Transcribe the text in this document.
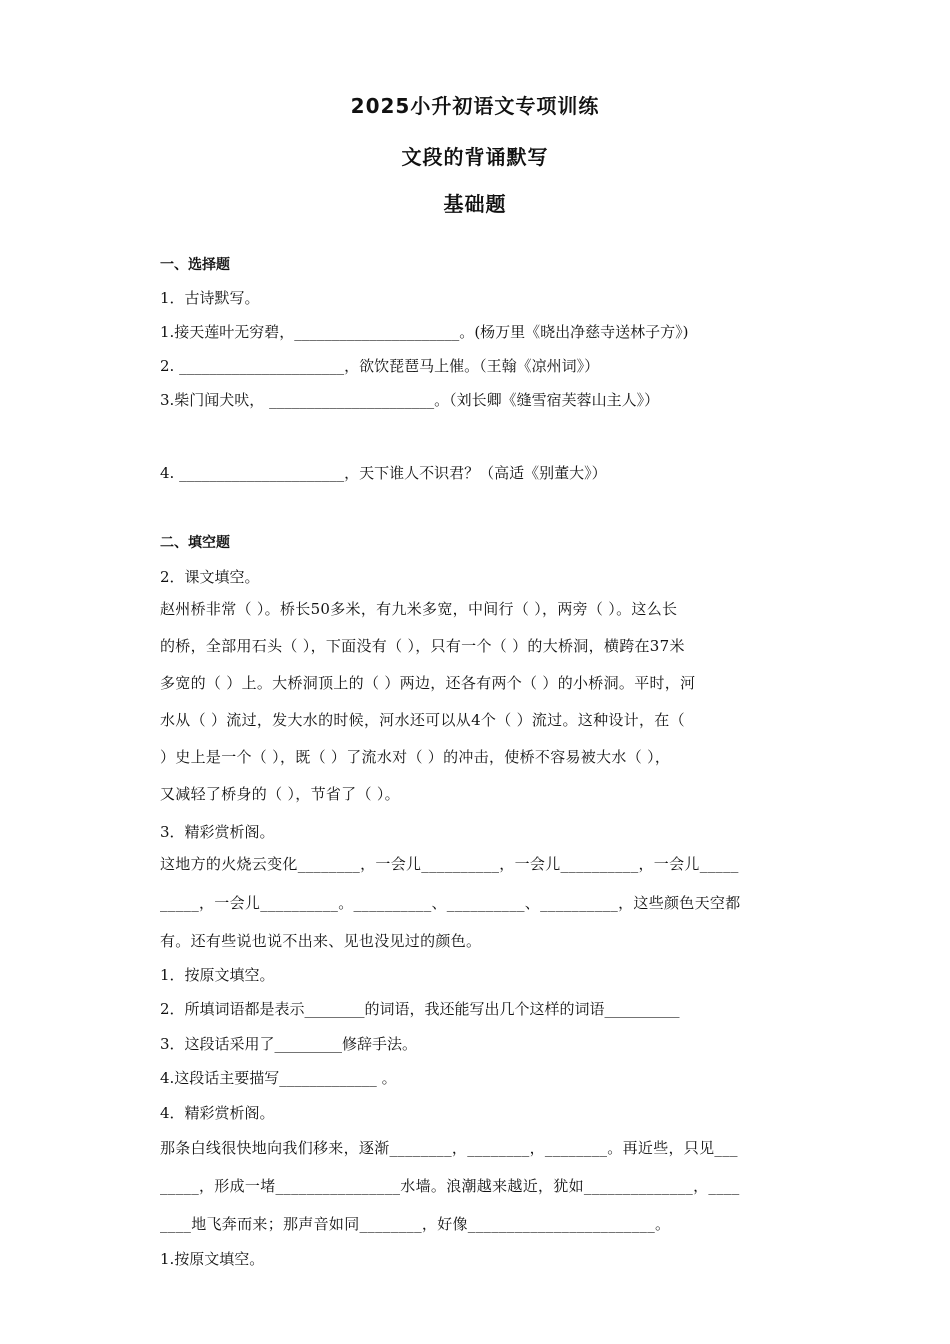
2025小升初语文专项训练
文段的背诵默写
基础题
一、选择题
1．古诗默写。
1.接天莲叶无穷碧，______________________。(杨万里《晓出净慈寺送林子方》)
2. ______________________，欲饮琵琶马上催。（王翰《凉州词》）
3.柴门闻犬吠， ______________________。（刘长卿《缝雪宿芙蓉山主人》）
4. ______________________，天下谁人不识君？（高适《别董大》）
二、填空题
2．课文填空。
赵州桥非常（ ）。桥长50多米，有九米多宽，中间行（ ），两旁（ ）。这么长
的桥，全部用石头（ ），下面没有（ ），只有一个（ ）的大桥洞，横跨在37米
多宽的（ ）上。大桥洞顶上的（ ）两边，还各有两个（ ）的小桥洞。平时，河
水从（ ）流过，发大水的时候，河水还可以从4个（ ）流过。这种设计，在（
）史上是一个（ ），既（ ）了流水对（ ）的冲击，使桥不容易被大水（ ），
又减轻了桥身的（ ），节省了（ ）。
3．精彩赏析阁。
这地方的火烧云变化________，一会儿__________，一会儿__________，一会儿_____
_____，一会儿__________。__________、__________、__________，这些颜色天空都
有。还有些说也说不出来、见也没见过的颜色。
1．按原文填空。
2．所填词语都是表示________的词语，我还能写出几个这样的词语__________
3．这段话采用了_________修辞手法。
4.这段话主要描写_____________ 。
4．精彩赏析阁。
那条白线很快地向我们移来，逐渐________，________，________。再近些，只见___
_____，形成一堵________________水墙。浪潮越来越近，犹如______________，____
____地飞奔而来；那声音如同________，好像________________________。
1.按原文填空。
